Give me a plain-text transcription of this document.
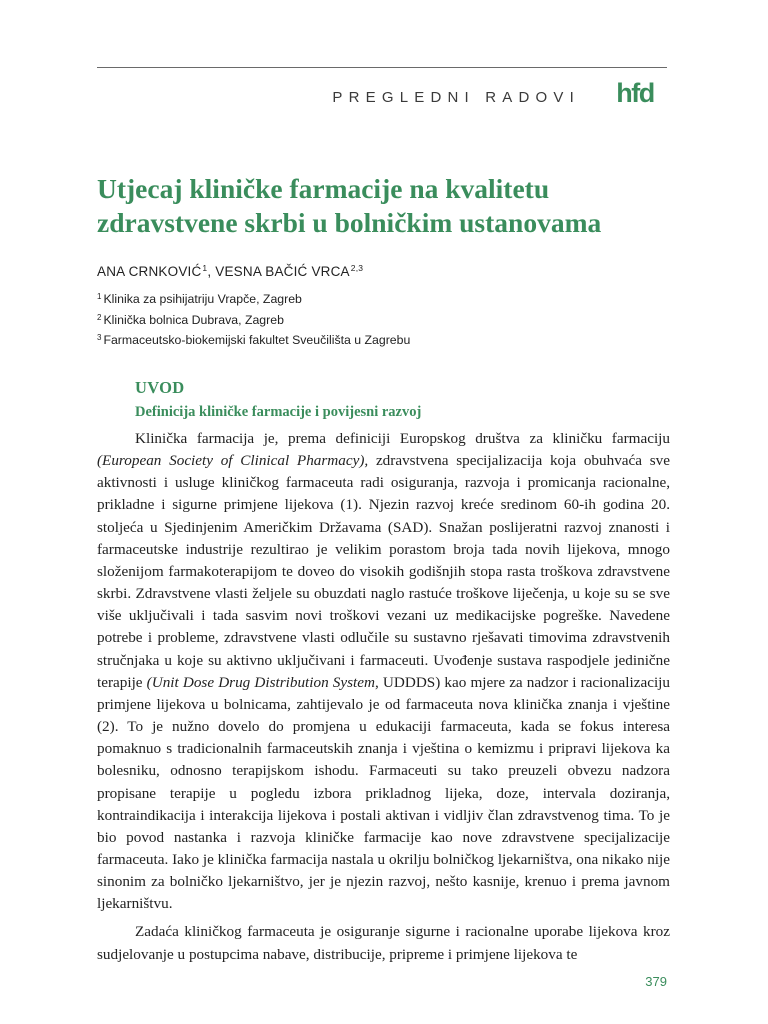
PREGLEDNI RADOVI hfd
Utjecaj kliničke farmacije na kvalitetu zdravstvene skrbi u bolničkim ustanovama

ANA CRNKOVIĆ$^1$, VESNA BAČIĆ VRCA$^{2,3}$

$^1$ Klinika za psihijatriju Vrapče, Zagreb
$^2$ Klinička bolnica Dubrava, Zagreb
$^3$ Farmaceutsko-biokemijski fakultet Sveučilišta u Zagrebu
UVOD
Definicija kliničke farmacije i povijesni razvoj

Klinička farmacija je, prema definiciji Europskog društva za kliničku farmaciju (European Society of Clinical Pharmacy), zdravstvena specijalizacija koja obuhvaća sve aktivnosti i usluge kliničkog farmaceuta radi osiguranja, razvoja i promicanja racionalne, prikladne i sigurne primjene lijekova (1). Njezin razvoj kreće sredinom 60-ih godina 20. stoljeća u Sjedinjenim Američkim Državama (SAD). Snažan poslijeratni razvoj znanosti i farmaceutske industrije rezultirao je velikim porastom broja tada novih lijekova, mnogo složenijom farmakoterapijom te doveo do visokih godišnjih stopa rasta troškova zdravstvene skrbi. Zdravstvene vlasti željele su obuzdati naglo rastuće troškove liječenja, u koje su se sve više uključivali i tada sasvim novi troškovi vezani uz medikacijske pogreške. Navedene potrebe i probleme, zdravstvene vlasti odlučile su sustavno rješavati timovima zdravstvenih stručnjaka u koje su aktivno uključivani i farmaceuti. Uvođenje sustava raspodjele jedinične terapije (Unit Dose Drug Distribution System, UDDDS) kao mjere za nadzor i racionalizaciju primjene lijekova u bolnicama, zahtijevalo je od farmaceuta nova klinička znanja i vještine (2). To je nužno dovelo do promjena u edukaciji farmaceuta, kada se fokus interesa pomaknuo s tradicionalnih farmaceutskih znanja i vještina o kemizmu i pripravi lijekova ka bolesniku, odnosno terapijskom ishodu. Farmaceuti su tako preuzeli obvezu nadzora propisane terapije u pogledu izbora prikladnog lijeka, doze, intervala doziranja, kontraindikacija i interakcija lijekova i postali aktivan i vidljiv član zdravstvenog tima. To je bio povod nastanka i razvoja kliničke farmacije kao nove zdravstvene specijalizacije farmaceuta. Iako je klinička farmacija nastala u okrilju bolničkog ljekarništva, ona nikako nije sinonim za bolničko ljekarništvo, jer je njezin razvoj, nešto kasnije, krenuo i prema javnom ljekarništvu.

Zadaća kliničkog farmaceuta je osiguranje sigurne i racionalne uporabe lijekova kroz sudjelovanje u postupcima nabave, distribucije, pripreme i primjene lijekova te

379
